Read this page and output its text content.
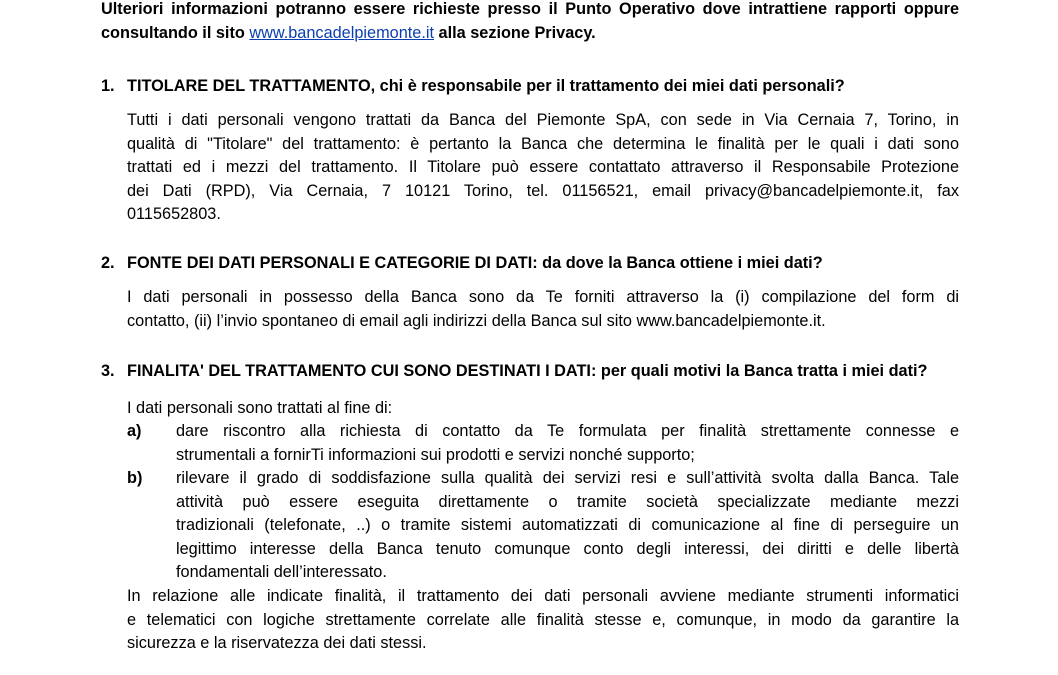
Ulteriori informazioni potranno essere richieste presso il Punto Operativo dove intrattiene rapporti oppure
consultando il sito www.bancadelpiemonte.it alla sezione Privacy.
1. TITOLARE DEL TRATTAMENTO, chi è responsabile per il trattamento dei miei dati personali?
Tutti i dati personali vengono trattati da Banca del Piemonte SpA, con sede in Via Cernaia 7, Torino, in
qualità di "Titolare" del trattamento: è pertanto la Banca che determina le finalità per le quali i dati sono
trattati ed i mezzi del trattamento. Il Titolare può essere contattato attraverso il Responsabile Protezione
dei Dati (RPD), Via Cernaia, 7 10121 Torino, tel. 01156521, email privacy@bancadelpiemonte.it, fax
0115652803.
2. FONTE DEI DATI PERSONALI E CATEGORIE DI DATI: da dove la Banca ottiene i miei dati?
I dati personali in possesso della Banca sono da Te forniti attraverso la (i) compilazione del form di
contatto, (ii) l’invio spontaneo di email agli indirizzi della Banca sul sito www.bancadelpiemonte.it.
3. FINALITA' DEL TRATTAMENTO CUI SONO DESTINATI I DATI: per quali motivi la Banca tratta i miei dati?
I dati personali sono trattati al fine di:
a) dare riscontro alla richiesta di contatto da Te formulata per finalità strettamente connesse e
strumentali a fornirTi informazioni sui prodotti e servizi nonché supporto;
b) rilevare il grado di soddisfazione sulla qualità dei servizi resi e sull’attività svolta dalla Banca. Tale
attività può essere eseguita direttamente o tramite società specializzate mediante mezzi
tradizionali (telefonate, ..) o tramite sistemi automatizzati di comunicazione al fine di perseguire un
legittimo interesse della Banca tenuto comunque conto degli interessi, dei diritti e delle libertà
fondamentali dell’interessato.
In relazione alle indicate finalità, il trattamento dei dati personali avviene mediante strumenti informatici
e telematici con logiche strettamente correlate alle finalità stesse e, comunque, in modo da garantire la
sicurezza e la riservatezza dei dati stessi.
